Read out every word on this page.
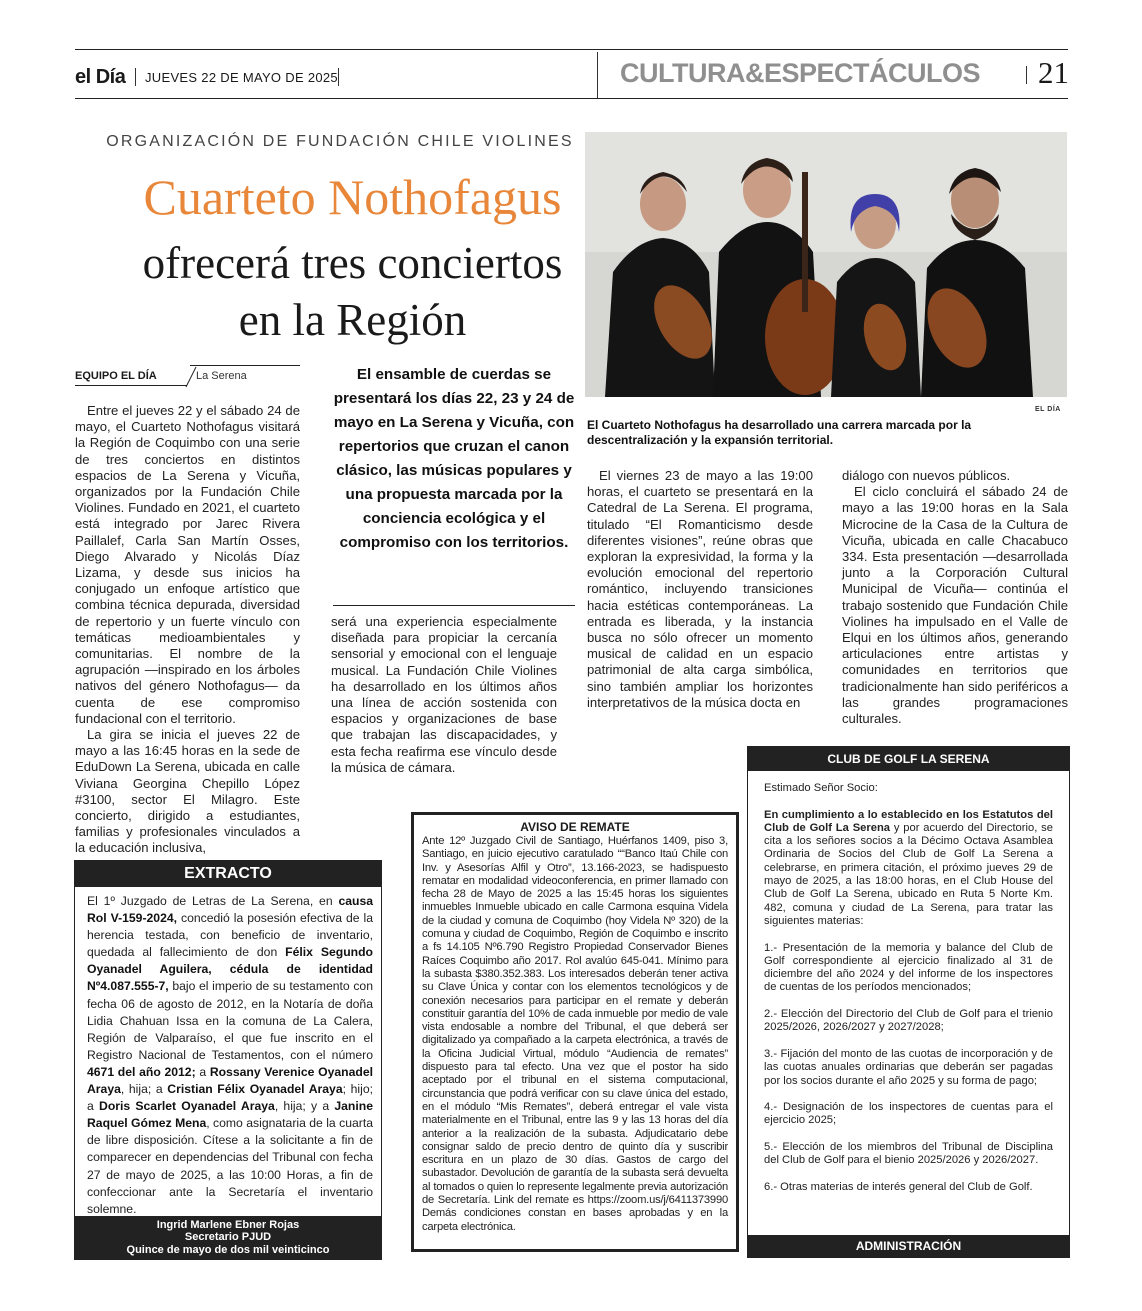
el Día JUEVES 22 DE MAYO DE 2025	CULTURA&ESPECTÁCULOS 21
ORGANIZACIÓN DE FUNDACIÓN CHILE VIOLINES
Cuarteto Nothofagus
ofrecerá tres conciertos
en la Región
EQUIPO EL DÍA	La Serena

Entre el jueves 22 y el sábado 24 de mayo, el Cuarteto Nothofagus visitará la Región de Coquimbo con una serie de tres conciertos en distintos espacios de La Serena y Vicuña, organizados por la Fundación Chile Violines. Fundado en 2021, el cuarteto está integrado por Jarec Rivera Paillalef, Carla San Martín Osses, Diego Alvarado y Nicolás Díaz Lizama, y desde sus inicios ha conjugado un enfoque artístico que combina técnica depurada, diversidad de repertorio y un fuerte vínculo con temáticas medioambientales y comunitarias. El nombre de la agrupación —inspirado en los árboles nativos del género Nothofagus— da cuenta de ese compromiso fundacional con el territorio.

La gira se inicia el jueves 22 de mayo a las 16:45 horas en la sede de EduDown La Serena, ubicada en calle Viviana Georgina Chepillo López #3100, sector El Milagro. Este concierto, dirigido a estudiantes, familias y profesionales vinculados a la educación inclusiva,

El ensamble de cuerdas se presentará los días 22, 23 y 24 de mayo en La Serena y Vicuña, con repertorios que cruzan el canon clásico, las músicas populares y una propuesta marcada por la conciencia ecológica y el compromiso con los territorios.

será una experiencia especialmente diseñada para propiciar la cercanía sensorial y emocional con el lenguaje musical. La Fundación Chile Violines ha desarrollado en los últimos años una línea de acción sostenida con espacios y organizaciones de base que trabajan las discapacidades, y esta fecha reafirma ese vínculo desde la música de cámara.

EL DÍA
El Cuarteto Nothofagus ha desarrollado una carrera marcada por la descentralización y la expansión territorial.

El viernes 23 de mayo a las 19:00 horas, el cuarteto se presentará en la Catedral de La Serena. El programa, titulado “El Romanticismo desde diferentes visiones”, reúne obras que exploran la expresividad, la forma y la evolución emocional del repertorio romántico, incluyendo transiciones hacia estéticas contemporáneas. La entrada es liberada, y la instancia busca no sólo ofrecer un momento musical de calidad en un espacio patrimonial de alta carga simbólica, sino también ampliar los horizontes interpretativos de la música docta en

diálogo con nuevos públicos.

El ciclo concluirá el sábado 24 de mayo a las 19:00 horas en la Sala Microcine de la Casa de la Cultura de Vicuña, ubicada en calle Chacabuco 334. Esta presentación —desarrollada junto a la Corporación Cultural Municipal de Vicuña— continúa el trabajo sostenido que Fundación Chile Violines ha impulsado en el Valle de Elqui en los últimos años, generando articulaciones entre artistas y comunidades en territorios que tradicionalmente han sido periféricos a las grandes programaciones culturales.

EXTRACTO
El 1º Juzgado de Letras de La Serena, en causa Rol V-159-2024, concedió la posesión efectiva de la herencia testada, con beneficio de inventario, quedada al fallecimiento de don Félix Segundo Oyanadel Aguilera, cédula de identidad Nº4.087.555-7, bajo el imperio de su testamento con fecha 06 de agosto de 2012, en la Notaría de doña Lidia Chahuan Issa en la comuna de La Calera, Región de Valparaíso, el que fue inscrito en el Registro Nacional de Testamentos, con el número 4671 del año 2012; a Rossany Verenice Oyanadel Araya, hija; a Cristian Félix Oyanadel Araya; hijo; a Doris Scarlet Oyanadel Araya, hija; y a Janine Raquel Gómez Mena, como asignataria de la cuarta de libre disposición. Cítese a la solicitante a fin de comparecer en dependencias del Tribunal con fecha 27 de mayo de 2025, a las 10:00 Horas, a fin de confeccionar ante la Secretaría el inventario solemne.
Ingrid Marlene Ebner Rojas
Secretario PJUD
Quince de mayo de dos mil veinticinco
AVISO DE REMATE
Ante 12º Juzgado Civil de Santiago, Huérfanos 1409, piso 3, Santiago, en juicio ejecutivo caratulado ““Banco Itaú Chile con Inv. y Asesorías Alfil y Otro”, 13.166-2023, se hadispuesto rematar en modalidad videoconferencia, en primer llamado con fecha 28 de Mayo de 2025 a las 15:45 horas los siguientes inmuebles Inmueble ubicado en calle Carmona esquina Videla de la ciudad y comuna de Coquimbo (hoy Videla Nº 320) de la comuna y ciudad de Coquimbo, Región de Coquimbo e inscrito a fs 14.105 Nº6.790 Registro Propiedad Conservador Bienes Raíces Coquimbo año 2017. Rol avalúo 645-041. Mínimo para la subasta $380.352.383. Los interesados deberán tener activa su Clave Única y contar con los elementos tecnológicos y de conexión necesarios para participar en el remate y deberán constituir garantía del 10% de cada inmueble por medio de vale vista endosable a nombre del Tribunal, el que deberá ser digitalizado ya compañado a la carpeta electrónica, a través de la Oficina Judicial Virtual, módulo “Audiencia de remates” dispuesto para tal efecto. Una vez que el postor ha sido aceptado por el tribunal en el sistema computacional, circunstancia que podrá verificar con su clave única del estado, en el módulo “Mis Remates”, deberá entregar el vale vista materialmente en el Tribunal, entre las 9 y las 13 horas del día anterior a la realización de la subasta. Adjudicatario debe consignar saldo de precio dentro de quinto día y suscribir escritura en un plazo de 30 días. Gastos de cargo del subastador. Devolución de garantía de la subasta será devuelta al tomados o quien lo represente legalmente previa autorización de Secretaría. Link del remate es https://zoom.us/j/6411373990 Demás condiciones constan en bases aprobadas y en la carpeta electrónica.
CLUB DE GOLF LA SERENA

Estimado Señor Socio:

En cumplimiento a lo establecido en los Estatutos del Club de Golf La Serena y por acuerdo del Directorio, se cita a los señores socios a la Décimo Octava Asamblea Ordinaria de Socios del Club de Golf La Serena a celebrarse, en primera citación, el próximo jueves 29 de mayo de 2025, a las 18:00 horas, en el Club House del Club de Golf La Serena, ubicado en Ruta 5 Norte Km. 482, comuna y ciudad de La Serena, para tratar las siguientes materias:

1.- Presentación de la memoria y balance del Club de Golf correspondiente al ejercicio finalizado al 31 de diciembre del año 2024 y del informe de los inspectores de cuentas de los períodos mencionados;

2.- Elección del Directorio del Club de Golf para el trienio 2025/2026, 2026/2027 y 2027/2028;

3.- Fijación del monto de las cuotas de incorporación y de las cuotas anuales ordinarias que deberán ser pagadas por los socios durante el año 2025 y su forma de pago;

4.- Designación de los inspectores de cuentas para el ejercicio 2025;

5.- Elección de los miembros del Tribunal de Disciplina del Club de Golf para el bienio 2025/2026 y 2026/2027.

6.- Otras materias de interés general del Club de Golf.

ADMINISTRACIÓN
